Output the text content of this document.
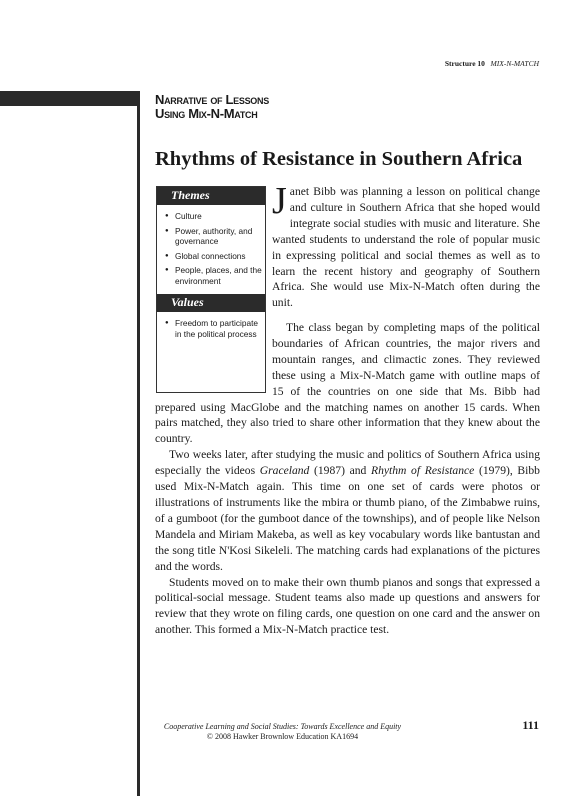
Structure 10 MIX-N-MATCH
Narrative of Lessons
Using Mix-N-Match
Rhythms of Resistance in Southern Africa
Themes
● Culture
● Power, authority, and governance
● Global connections
● People, places, and the environment
Values
● Freedom to participate in the political process
Janet Bibb was planning a lesson on political change and culture in Southern Africa that she hoped would integrate social studies with music and literature. She wanted students to understand the role of popular music in expressing political and social themes as well as to learn the recent history and geography of Southern Africa. She would use Mix-N-Match often during the unit.

The class began by completing maps of the political boundaries of African countries, the major rivers and mountain ranges, and climactic zones. They reviewed these using a Mix-N-Match game with outline maps of 15 of the countries on one side that Ms. Bibb had prepared using MacGlobe and the matching names on another 15 cards. When pairs matched, they also tried to share other information that they knew about the country.

Two weeks later, after studying the music and politics of Southern Africa using especially the videos Graceland (1987) and Rhythm of Resistance (1979), Bibb used Mix-N-Match again. This time on one set of cards were photos or illustrations of instruments like the mbira or thumb piano, of the Zimbabwe ruins, of a gumboot (for the gumboot dance of the townships), and of people like Nelson Mandela and Miriam Makeba, as well as key vocabulary words like bantustan and the song title N'Kosi Sikeleli. The matching cards had explanations of the pictures and the words.

Students moved on to make their own thumb pianos and songs that expressed a political-social message. Student teams also made up questions and answers for review that they wrote on filing cards, one question on one card and the answer on another. This formed a Mix-N-Match practice test.

Cooperative Learning and Social Studies: Towards Excellence and Equity
© 2008 Hawker Brownlow Education KA1694
111
